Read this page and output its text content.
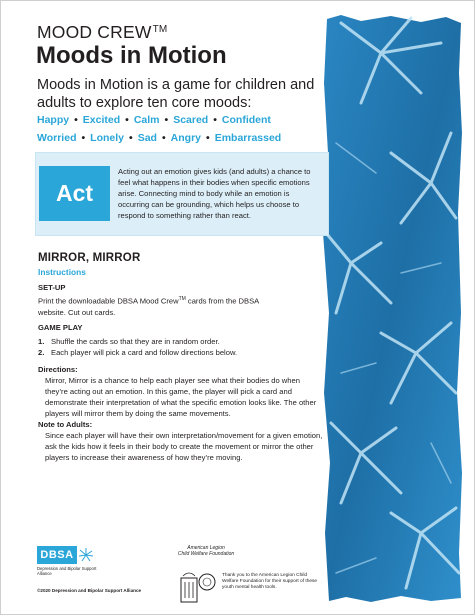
MOOD CREW™
Moods in Motion
Moods in Motion is a game for children and adults to explore ten core moods:
Happy • Excited • Calm • Scared • Confident
Worried • Lonely • Sad • Angry • Embarrassed
Act
Acting out an emotion gives kids (and adults) a chance to feel what happens in their bodies when specific emotions arise. Connecting mind to body while an emotion is occurring can be grounding, which helps us choose to respond to something rather than react.
MIRROR, MIRROR
Instructions
SET-UP
Print the downloadable DBSA Mood Crew™ cards from the DBSA website. Cut out cards.
GAME PLAY
1. Shuffle the cards so that they are in random order.
2. Each player will pick a card and follow directions below.
Directions:
Mirror, Mirror is a chance to help each player see what their bodies do when they’re acting out an emotion. In this game, the player will pick a card and demonstrate their interpretation of what the specific emotion looks like. The other players will mirror them by doing the same movements.
Note to Adults:
Since each player will have their own interpretation/movement for a given emotion, ask the kids how it feels in their body to create the movement or mirror the other players to increase their awareness of how they’re moving.
DBSA
Depression and Bipolar Support Alliance
©2020 Depression and Bipolar Support Alliance
American Legion
Child Welfare Foundation
Thank you to the American Legion Child Welfare Foundation for their support of these youth mental health tools.
